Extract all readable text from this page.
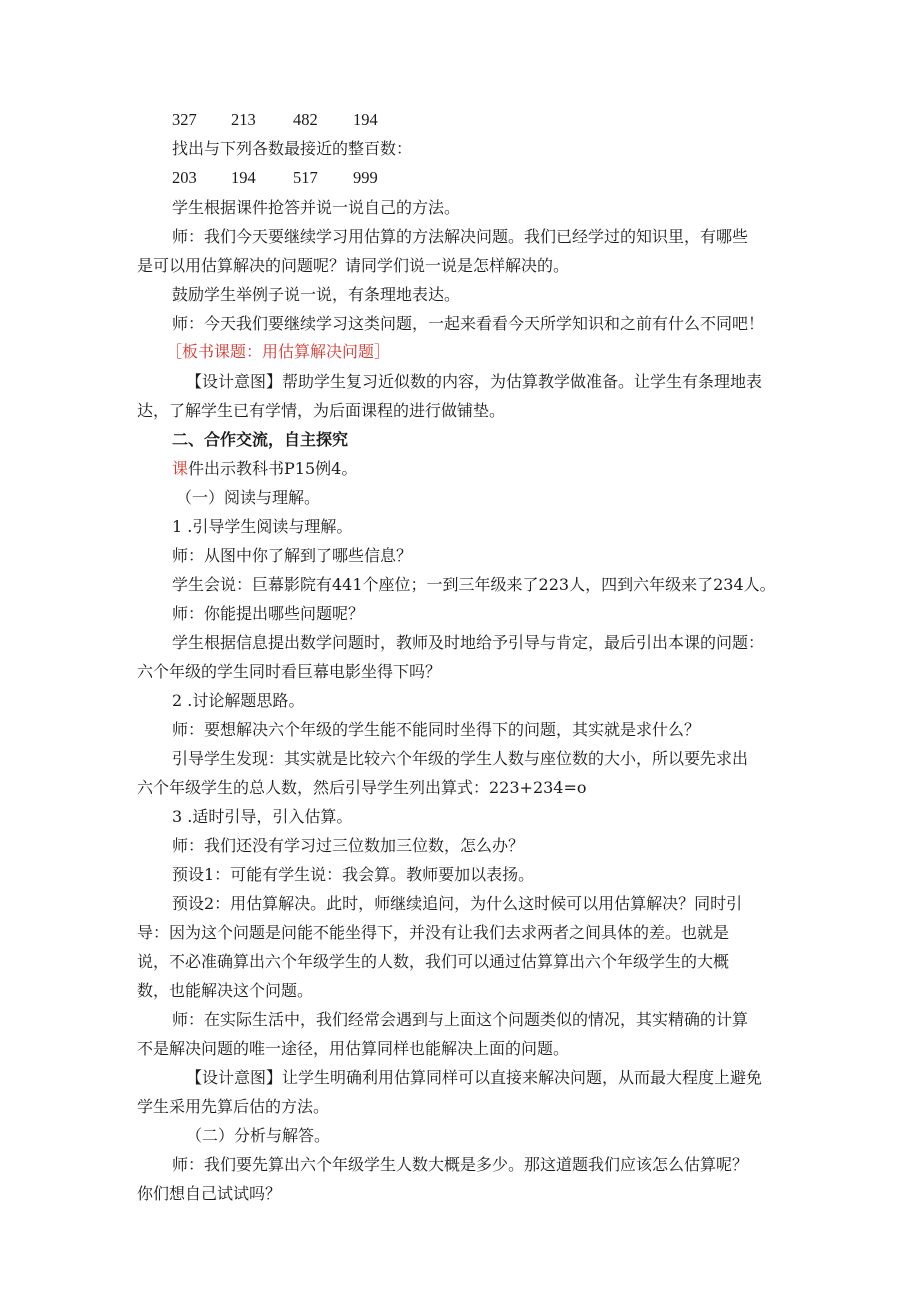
327 213 482 194
找出与下列各数最接近的整百数：
203 194 517 999
学生根据课件抢答并说一说自己的方法。
师：我们今天要继续学习用估算的方法解决问题。我们已经学过的知识里，有哪些
是可以用估算解决的问题呢？请同学们说一说是怎样解决的。
鼓励学生举例子说一说，有条理地表达。
师：今天我们要继续学习这类问题，一起来看看今天所学知识和之前有什么不同吧！
［板书课题：用估算解决问题］
【设计意图】帮助学生复习近似数的内容，为估算教学做准备。让学生有条理地表
达，了解学生已有学情，为后面课程的进行做铺垫。
二、合作交流，自主探究
课件出示教科书P15例4。
（一）阅读与理解。
1 .引导学生阅读与理解。
师：从图中你了解到了哪些信息？
学生会说：巨幕影院有441个座位；一到三年级来了223人，四到六年级来了234人。
师：你能提出哪些问题呢？
学生根据信息提出数学问题时，教师及时地给予引导与肯定，最后引出本课的问题：
六个年级的学生同时看巨幕电影坐得下吗？
2 .讨论解题思路。
师：要想解决六个年级的学生能不能同时坐得下的问题，其实就是求什么？
引导学生发现：其实就是比较六个年级的学生人数与座位数的大小，所以要先求出
六个年级学生的总人数，然后引导学生列出算式：223+234=o
3 .适时引导，引入估算。
师：我们还没有学习过三位数加三位数，怎么办？
预设1：可能有学生说：我会算。教师要加以表扬。
预设2：用估算解决。此时，师继续追问，为什么这时候可以用估算解决？同时引
导：因为这个问题是问能不能坐得下，并没有让我们去求两者之间具体的差。也就是
说，不必准确算出六个年级学生的人数，我们可以通过估算算出六个年级学生的大概
数，也能解决这个问题。
师：在实际生活中，我们经常会遇到与上面这个问题类似的情况，其实精确的计算
不是解决问题的唯一途径，用估算同样也能解决上面的问题。
【设计意图】让学生明确利用估算同样可以直接来解决问题，从而最大程度上避免
学生采用先算后估的方法。
（二）分析与解答。
师：我们要先算出六个年级学生人数大概是多少。那这道题我们应该怎么估算呢？
你们想自己试试吗？
